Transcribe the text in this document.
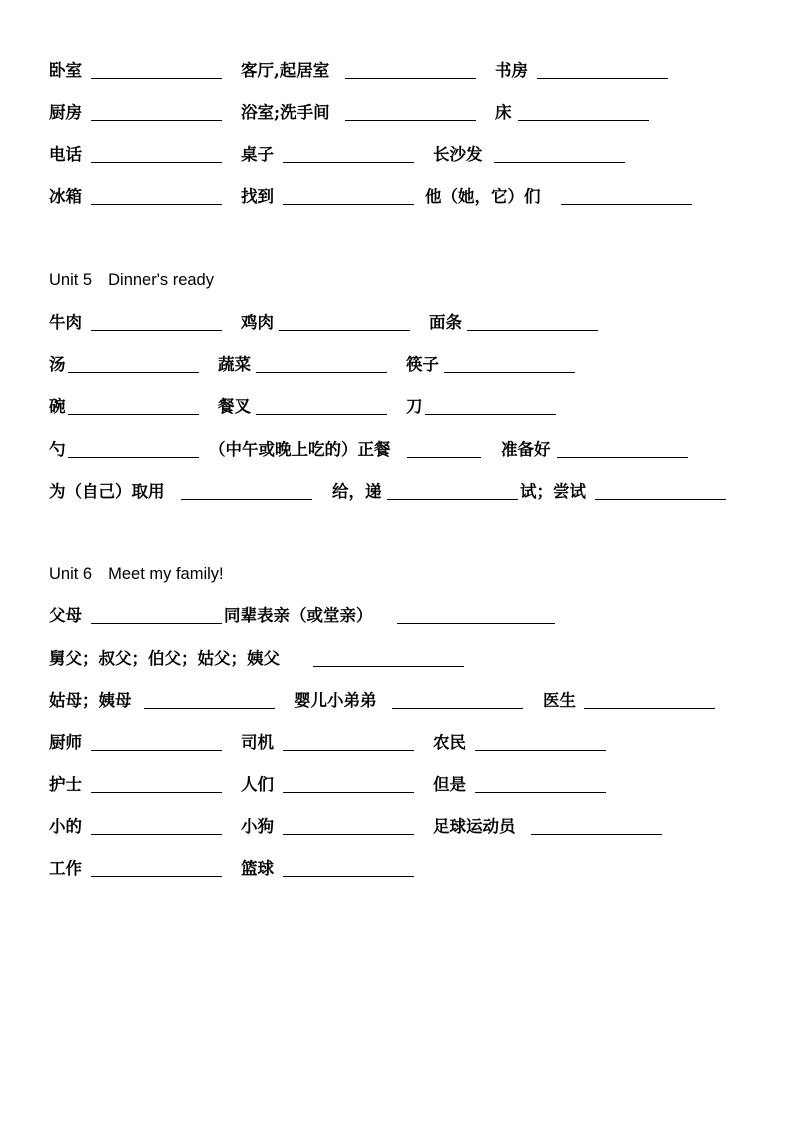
卧室	客厅,起居室	书房
厨房	浴室;洗手间	床
电话	桌子	长沙发
冰箱	找到	他（她，它）们
Unit 5 Dinner's ready
牛肉	鸡肉	面条
汤	蔬菜	筷子
碗	餐叉	刀
勺	（中午或晚上吃的）正餐	准备好
为（自己）取用	给，递	试；尝试
Unit 6 Meet my family!
父母	同辈表亲（或堂亲）
舅父；叔父；伯父；姑父；姨父
姑母；姨母	婴儿小弟弟	医生
厨师	司机	农民
护士	人们	但是
小的	小狗	足球运动员
工作	篮球
